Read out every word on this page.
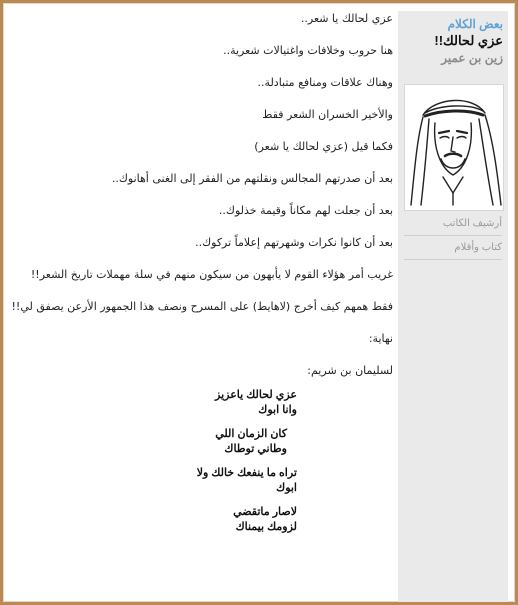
عزي لحالك يا شعر..

هنا حروب وخلافات واغتيالات شعرية..

وهناك علاقات ومنافع متبادلة..

والأخير الخسران الشعر فقط

فكما قيل (عزي لحالك يا شعر)

بعد أن صدرتهم المجالس ونقلتهم من الفقر إلى الغنى أهانوك..

بعد أن جعلت لهم مكاناً وقيمة خذلوك..

بعد أن كانوا نكرات وشهرتهم إعلاماً تركوك..

غريب أمر هؤلاء القوم لا يأبهون من سيكون منهم في سلة مهملات تاريخ الشعر!!

فقط همهم كيف أخرج (لاهايط) على المسرح ونصف هذا الجمهور الأرعن يصفق لي!!

نهاية:

لسليمان بن شريم:

عزي لحالك ياعزيز
وانا ابوك
كان الزمان اللي
وطاني توطاك
تراه ما ينفعك خالك ولا
ابوك
لاصار ماتقضي
لزومك بيمناك
بعض الكلام
عزي لحالك!!
زين بن عمير
أرشيف الكاتب
كتاب وأقلام
